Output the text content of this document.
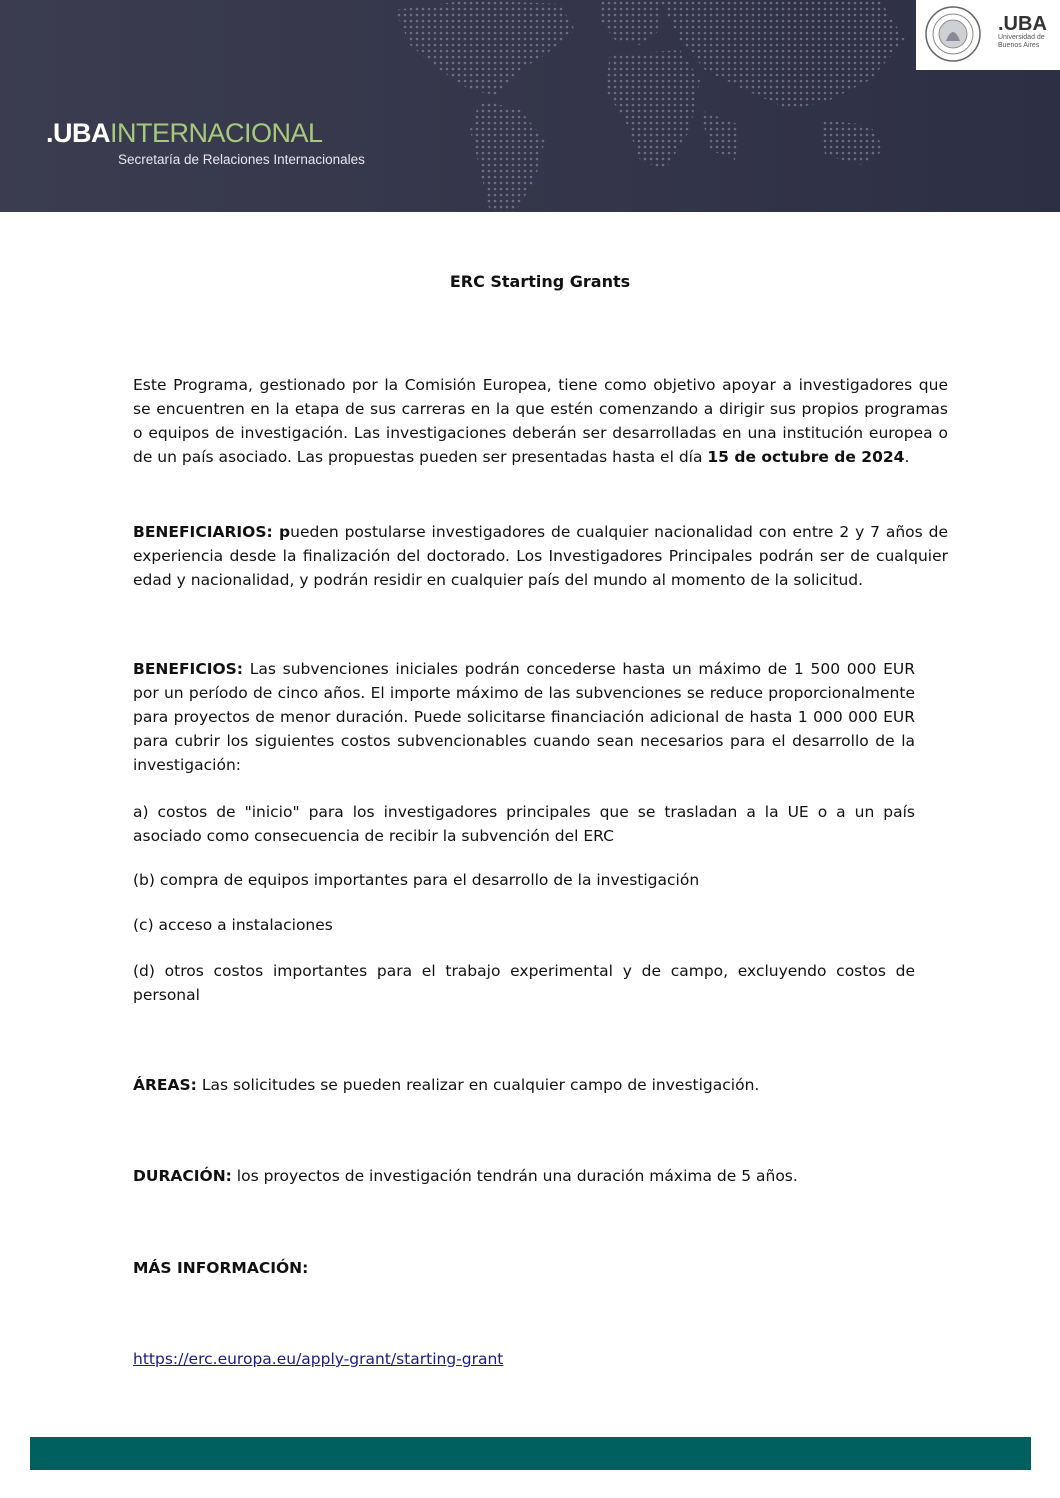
.UBAINTERNACIONAL
Secretaría de Relaciones Internacionales
.UBA
Universidad de Buenos Aires
ERC Starting Grants

Este Programa, gestionado por la Comisión Europea, tiene como objetivo apoyar a investigadores que se encuentren en la etapa de sus carreras en la que estén comenzando a dirigir sus propios programas o equipos de investigación. Las investigaciones deberán ser desarrolladas en una institución europea o de un país asociado. Las propuestas pueden ser presentadas hasta el día 15 de octubre de 2024.

BENEFICIARIOS: pueden postularse investigadores de cualquier nacionalidad con entre 2 y 7 años de experiencia desde la finalización del doctorado. Los Investigadores Principales podrán ser de cualquier edad y nacionalidad, y podrán residir en cualquier país del mundo al momento de la solicitud.

BENEFICIOS: Las subvenciones iniciales podrán concederse hasta un máximo de 1 500 000 EUR por un período de cinco años. El importe máximo de las subvenciones se reduce proporcionalmente para proyectos de menor duración. Puede solicitarse financiación adicional de hasta 1 000 000 EUR para cubrir los siguientes costos subvencionables cuando sean necesarios para el desarrollo de la investigación:

a) costos de "inicio" para los investigadores principales que se trasladan a la UE o a un país asociado como consecuencia de recibir la subvención del ERC

(b) compra de equipos importantes para el desarrollo de la investigación

(c) acceso a instalaciones

(d) otros costos importantes para el trabajo experimental y de campo, excluyendo costos de personal

ÁREAS: Las solicitudes se pueden realizar en cualquier campo de investigación.

DURACIÓN: los proyectos de investigación tendrán una duración máxima de 5 años.

MÁS INFORMACIÓN:

https://erc.europa.eu/apply-grant/starting-grant
